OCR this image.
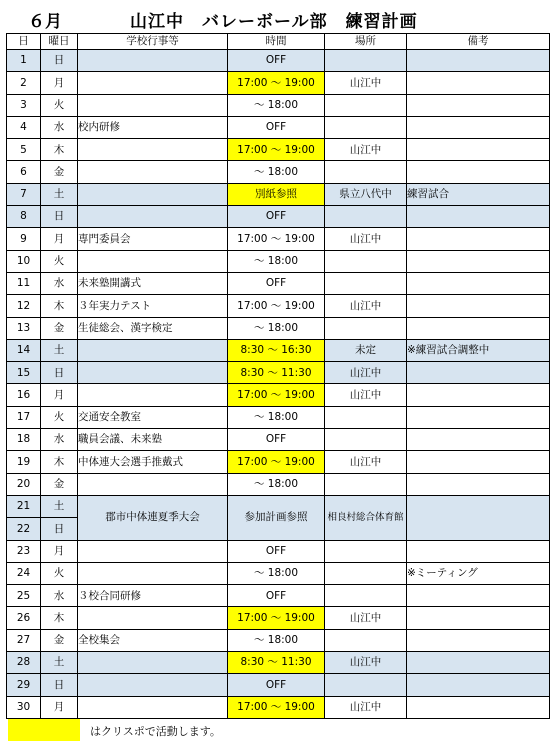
６月	山江中　バレーボール部　練習計画
日	曜日	学校行事等	時間	場所	備考
1	日		OFF		
2	月		17:00 ～ 19:00	山江中	
3	火		～ 18:00		
4	水	校内研修	OFF		
5	木		17:00 ～ 19:00	山江中	
6	金		～ 18:00		
7	土		別紙参照	県立八代中	練習試合
8	日		OFF		
9	月	専門委員会	17:00 ～ 19:00	山江中	
10	火		～ 18:00		
11	水	未来塾開講式	OFF		
12	木	３年実力テスト	17:00 ～ 19:00	山江中	
13	金	生徒総会、漢字検定	～ 18:00		
14	土		8:30 ～ 16:30	未定	※練習試合調整中
15	日		8:30 ～ 11:30	山江中	
16	月		17:00 ～ 19:00	山江中	
17	火	交通安全教室	～ 18:00		
18	水	職員会議、未来塾	OFF		
19	木	中体連大会選手推戴式	17:00 ～ 19:00	山江中	
20	金		～ 18:00		
21	土	郡市中体連夏季大会	参加計画参照	相良村総合体育館	
22	日				
23	月		OFF		
24	火		～ 18:00		※ミーティング
25	水	３校合同研修	OFF		
26	木		17:00 ～ 19:00	山江中	
27	金	全校集会	～ 18:00		
28	土		8:30 ～ 11:30	山江中	
29	日		OFF		
30	月		17:00 ～ 19:00	山江中	
はクリスポで活動します。
